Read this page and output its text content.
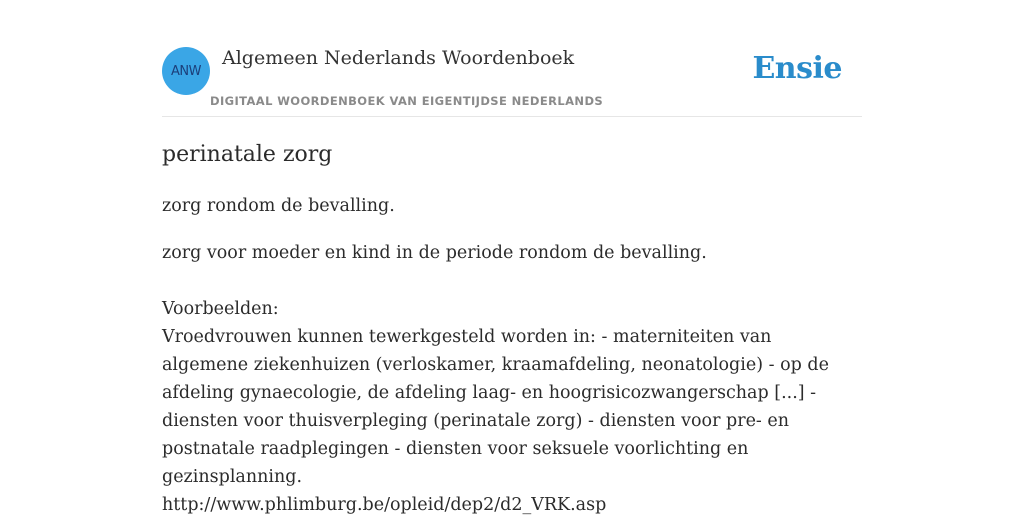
ANW
Algemeen Nederlands Woordenboek
DIGITAAL WOORDENBOEK VAN EIGENTIJDSE NEDERLANDS
Ensie
perinatale zorg
zorg rondom de bevalling.
zorg voor moeder en kind in de periode rondom de bevalling.
Voorbeelden:
Vroedvrouwen kunnen tewerkgesteld worden in: - materniteiten van algemene ziekenhuizen (verloskamer, kraamafdeling, neonatologie) - op de afdeling gynaecologie, de afdeling laag- en hoogrisicozwangerschap [...] - diensten voor thuisverpleging (perinatale zorg) - diensten voor pre- en postnatale raadplegingen - diensten voor seksuele voorlichting en gezinsplanning.
http://www.phlimburg.be/opleid/dep2/d2_VRK.asp
